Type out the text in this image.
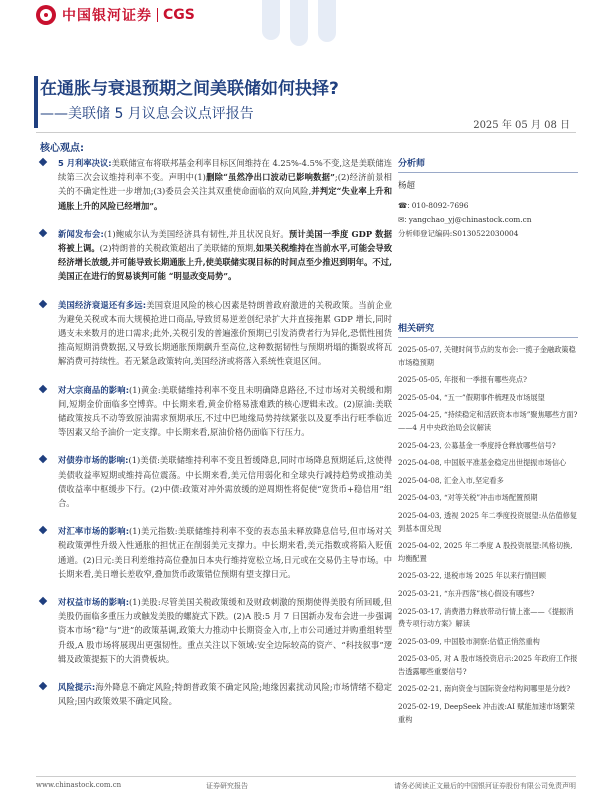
中国银河证券 CGS
在通胀与衰退预期之间美联储如何抉择?

——美联储 5 月议息会议点评报告

2025 年 05 月 08 日
核心观点:

5 月利率决议:美联储宣布将联邦基金利率目标区间维持在 4.25%-4.5%不变,这是美联储连续第三次会议维持利率不变。声明中(1)删除“虽然净出口波动已影响数据”;(2)经济前景相关的不确定性进一步增加;(3)委员会关注其双重使命面临的双向风险,并判定“失业率上升和通胀上升的风险已经增加”。

新闻发布会:(1)鲍威尔认为美国经济具有韧性,并且状况良好。预计美国一季度 GDP 数据将被上调。(2)特朗普的关税政策超出了美联储的预期,如果关税维持在当前水平,可能会导致经济增长放缓,并可能导致长期通胀上升,使美联储实现目标的时间点至少推迟到明年。不过,美国正在进行的贸易谈判可能 “明显改变局势”。

美国经济衰退还有多远:美国衰退风险的核心因素是特朗普政府激进的关税政策。当前企业为避免关税或本而大规模抢进口商品,导致贸易逆差创纪录扩大并直接拖累 GDP 增长,同时遇支未来数月的进口需求;此外,关税引发的普遍涨价预期已引发消费者行为异化,恐慌性囤货推高短期消费数据,又导致长期通胀预期飙升至高位,这种数据韧性与预期坍塌的撕裂或将瓦解消费可持续性。若无紧急政策转向,美国经济或将落入系统性衰退区间。

对大宗商品的影响:(1)黄金:美联储维持利率不变且未明确降息路径,不过市场对关税缓和期间,短期金价面临多空博弈。中长期来看,黄金价格易涨难跌的核心逻辑未改。(2)原油:美联储政策按兵不动等致原油需求预期承压,不过中巴地缘局势持续紧张以及夏季出行旺季临近等因素又给予油价一定支撑。中长期来看,原油价格仍面临下行压力。

对债券市场的影响:(1)美债:美联储维持利率不变且暂缓降息,同时市场降息预期延后,这使得美债收益率短期或维持高位震荡。中长期来看,美元信用弱化和全球央行减持趋势或推动美债收益率中枢缓步下行。(2)中债:政策对冲外需放缓的逆周期性将促使“宽货币+稳信用”组合。

对汇率市场的影响:(1)美元指数:美联储维持利率不变的表态虽未释放降息信号,但市场对关税政策弹性升级入性通胀的担忧正在削弱美元支撑力。中长期来看,美元指数或将陷入贬值通道。(2)日元:美日利差维持高位叠加日本央行维持宽松立场,日元或在交易仍主导市场。中长期来看,美日增长差收窄,叠加货币政策错位预期有望支撑日元。

对权益市场的影响:(1)美股:尽管美国关税政策缓和及财政刺激的预期使得美股有所回暖,但美股仍面临多重压力或触发美股的螺旋式下跌。(2)A 股:5 月 7 日国新办发布会进一步强调资本市场“稳”与“进”的政策基调,政策大力推动中长期资金入市,上市公司通过并购重组转型升级,A 股市场将展现出更强韧性。重点关注以下领域:安全边际较高的资产、“科技叙事”逻辑及政策提振下的大消费板块。

风险提示:海外降息不确定风险;特朗普政策不确定风险;地缘因素扰动风险;市场情绪不稳定风险;国内政策效果不确定风险。

分析师
杨超
☎: 010-8092-7696
✉: yangchao_yj@chinastock.com.cn
分析师登记编码:S0130522030004
相关研究
2025-05-07, 关键时间节点的发布会:一揽子金融政策稳市场稳预期
2025-05-05, 年报和一季报有哪些亮点?
2025-05-04, “五一”假期事件梳理及市场展望
2025-04-25, “持续稳定和活跃资本市场”聚焦哪些方面?——4 月中央政治局会议解读
2025-04-23, 公募基金一季度持仓释放哪些信号?
2025-04-08, 中国版平准基金稳定出世提振市场信心
2025-04-08, 汇金入市,坚定看多
2025-04-03, “对等关税”冲击市场配置预期
2025-04-03, 透视 2025 年二季度投资展望:从估值修复到基本面兑现
2025-04-02, 2025 年二季度 A 股投资展望:风格切换,均衡配置
2025-03-22, 退税市场 2025 年以来行情回顾
2025-03-21, “东升西落”核心假设有哪些?
2025-03-17, 消费潜力释放带动行情上涨——《提振消费专项行动方案》解读
2025-03-09, 中国股市洞察:估值正悄然重构
2025-03-05, 对 A 股市场投资启示:2025 年政府工作报告透露哪些重要信号?
2025-02-21, 南向资金与国际资金结构间哪里是分歧?
2025-02-19, DeepSeek 冲击波:AI 赋能加速市场繁荣重构
www.chinastock.com.cn	证券研究报告	请务必阅读正文最后的中国银河证券股份有限公司免责声明
